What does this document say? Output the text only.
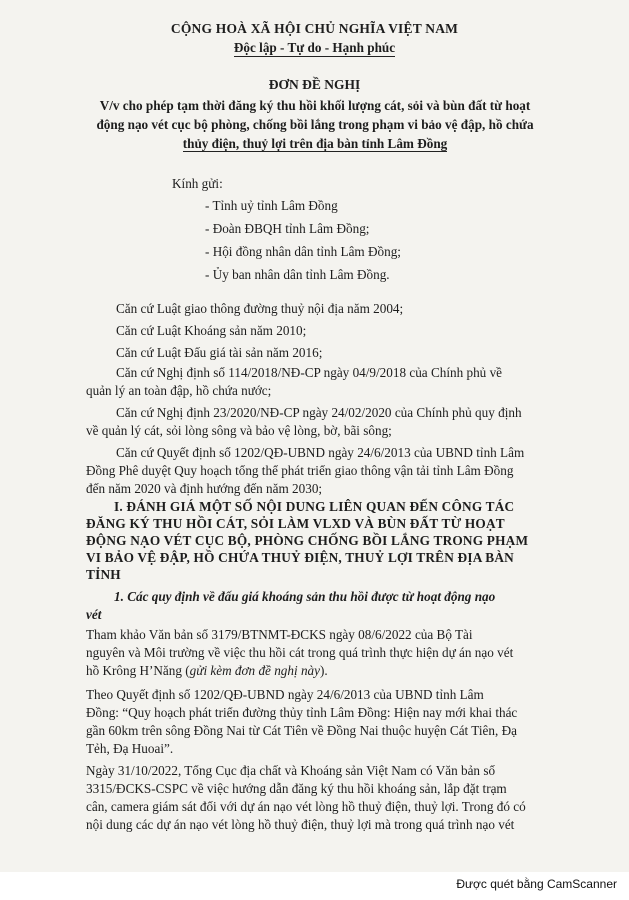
CỘNG HOÀ XÃ HỘI CHỦ NGHĨA VIỆT NAM
Độc lập - Tự do - Hạnh phúc
ĐƠN ĐỀ NGHỊ
V/v cho phép tạm thời đăng ký thu hồi khối lượng cát, sỏi và bùn đất từ hoạt
động nạo vét cục bộ phòng, chống bồi lắng trong phạm vi bảo vệ đập, hồ chứa
thủy điện, thuỷ lợi trên địa bàn tỉnh Lâm Đồng
Kính gửi:
- Tỉnh uỷ tỉnh Lâm Đồng
- Đoàn ĐBQH tỉnh Lâm Đồng;
- Hội đồng nhân dân tỉnh Lâm Đồng;
- Ủy ban nhân dân tỉnh Lâm Đồng.
Căn cứ Luật giao thông đường thuỷ nội địa năm 2004;
Căn cứ Luật Khoáng sản năm 2010;
Căn cứ Luật Đấu giá tài sản năm 2016;
Căn cứ Nghị định số 114/2018/NĐ-CP ngày 04/9/2018 của Chính phủ về
quản lý an toàn đập, hồ chứa nước;
Căn cứ Nghị định 23/2020/NĐ-CP ngày 24/02/2020 của Chính phủ quy định
về quản lý cát, sỏi lòng sông và bảo vệ lòng, bờ, bãi sông;
Căn cứ Quyết định số 1202/QĐ-UBND ngày 24/6/2013 của UBND tỉnh Lâm
Đồng Phê duyệt Quy hoạch tổng thể phát triển giao thông vận tải tỉnh Lâm Đồng
đến năm 2020 và định hướng đến năm 2030;
I. ĐÁNH GIÁ MỘT SỐ NỘI DUNG LIÊN QUAN ĐẾN CÔNG TÁC
ĐĂNG KÝ THU HỒI CÁT, SỎI LÀM VLXD VÀ BÙN ĐẤT TỪ HOẠT
ĐỘNG NẠO VÉT CỤC BỘ, PHÒNG CHỐNG BỒI LẮNG TRONG PHẠM
VI BẢO VỆ ĐẬP, HỒ CHỨA THUỶ ĐIỆN, THUỶ LỢI TRÊN ĐỊA BÀN
TỈNH
1. Các quy định về đấu giá khoáng sản thu hồi được từ hoạt động nạo
vét
Tham khảo Văn bản số 3179/BTNMT-ĐCKS ngày 08/6/2022 của Bộ Tài
nguyên và Môi trường về việc thu hồi cát trong quá trình thực hiện dự án nạo vét
hồ Krông H’Năng (gửi kèm đơn đề nghị này).
Theo Quyết định số 1202/QĐ-UBND ngày 24/6/2013 của UBND tỉnh Lâm
Đồng: “Quy hoạch phát triển đường thủy tỉnh Lâm Đồng: Hiện nay mới khai thác
gần 60km trên sông Đồng Nai từ Cát Tiên về Đồng Nai thuộc huyện Cát Tiên, Đạ
Tẻh, Đạ Huoai”.
Ngày 31/10/2022, Tổng Cục địa chất và Khoáng sản Việt Nam có Văn bản số
3315/ĐCKS-CSPC về việc hướng dẫn đăng ký thu hồi khoáng sản, lắp đặt trạm
cân, camera giám sát đối với dự án nạo vét lòng hồ thuỷ điện, thuỷ lợi. Trong đó có
nội dung các dự án nạo vét lòng hồ thuỷ điện, thuỷ lợi mà trong quá trình nạo vét
Được quét bằng CamScanner
